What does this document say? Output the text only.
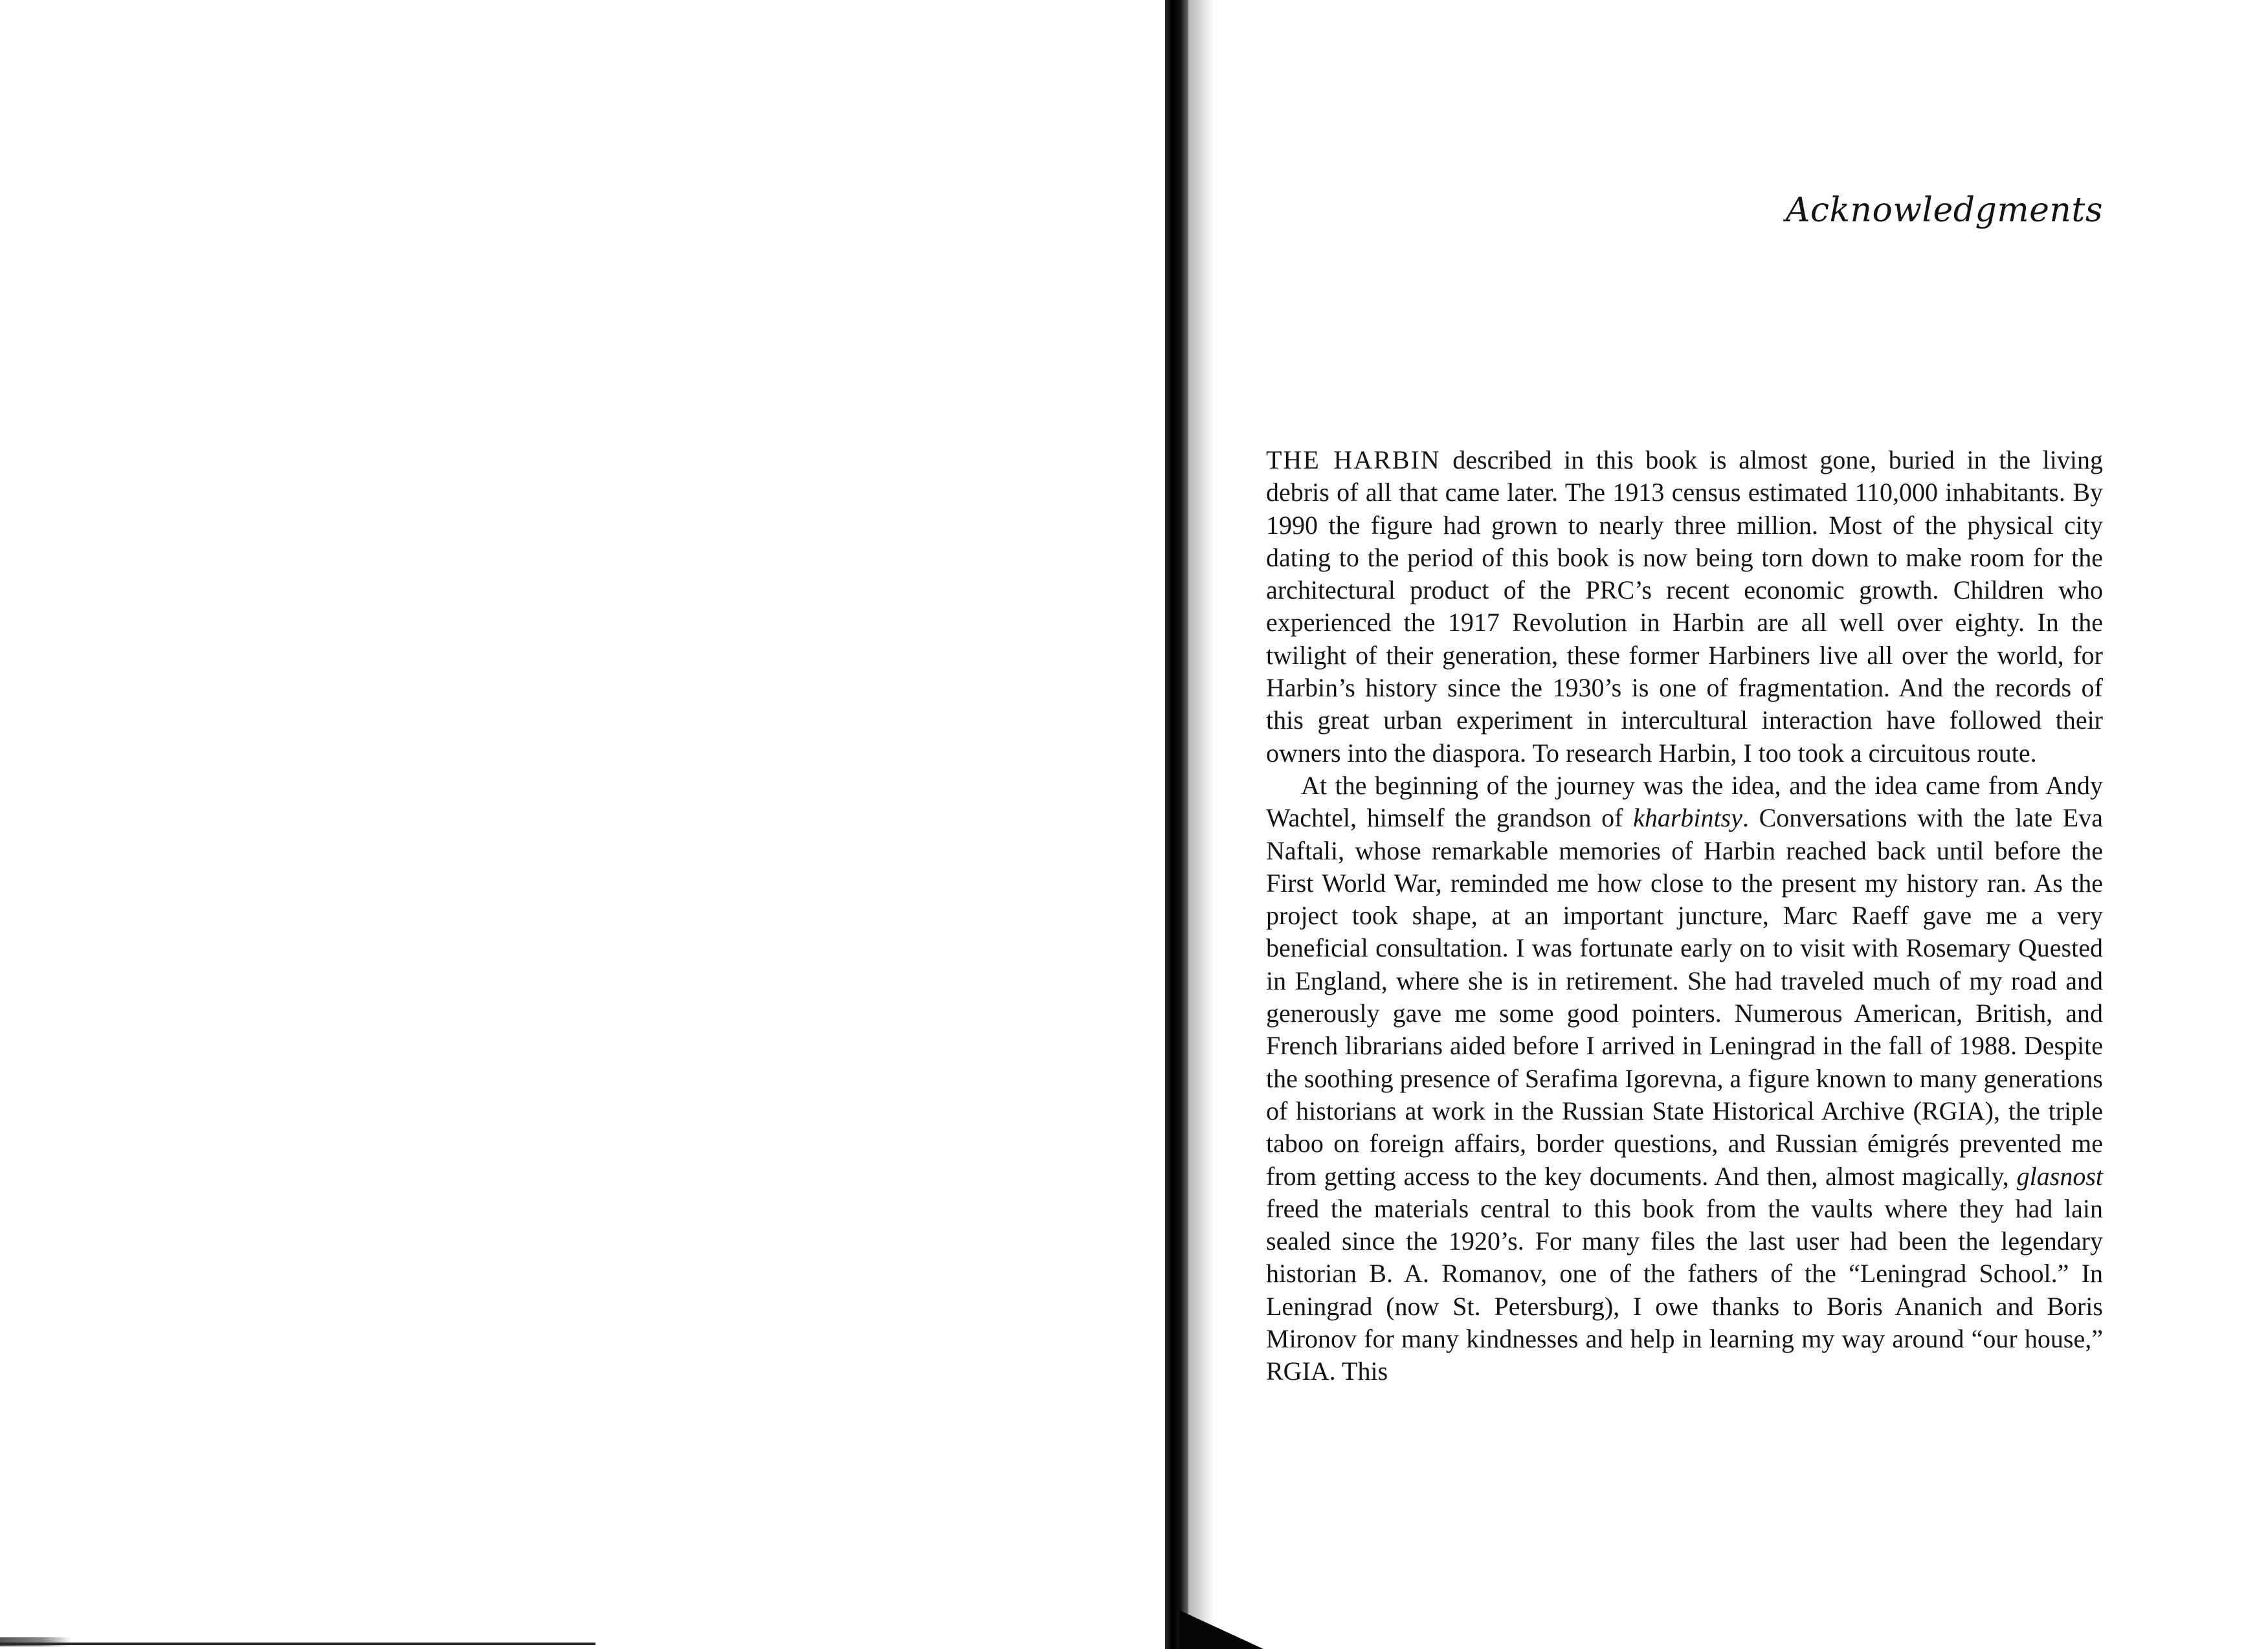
Acknowledgments

THE HARBIN described in this book is almost gone, buried in the living debris of all that came later. The 1913 census estimated 110,000 inhabitants. By 1990 the figure had grown to nearly three million. Most of the physical city dating to the period of this book is now being torn down to make room for the architectural product of the PRC’s recent economic growth. Children who experienced the 1917 Revolution in Harbin are all well over eighty. In the twilight of their generation, these former Harbiners live all over the world, for Harbin’s history since the 1930’s is one of fragmentation. And the records of this great urban experiment in intercultural interaction have followed their owners into the diaspora. To research Harbin, I too took a circuitous route.

At the beginning of the journey was the idea, and the idea came from Andy Wachtel, himself the grandson of kharbintsy. Conversations with the late Eva Naftali, whose remarkable memories of Harbin reached back until before the First World War, reminded me how close to the present my history ran. As the project took shape, at an important juncture, Marc Raeff gave me a very beneficial consultation. I was fortunate early on to visit with Rosemary Quested in England, where she is in retirement. She had traveled much of my road and generously gave me some good pointers. Numerous American, British, and French librarians aided before I arrived in Leningrad in the fall of 1988. Despite the soothing presence of Serafima Igorevna, a figure known to many generations of historians at work in the Russian State Historical Archive (RGIA), the triple taboo on foreign affairs, border questions, and Russian émigrés prevented me from getting access to the key documents. And then, almost magically, glasnost freed the materials central to this book from the vaults where they had lain sealed since the 1920’s. For many files the last user had been the legendary historian B. A. Romanov, one of the fathers of the “Leningrad School.” In Leningrad (now St. Petersburg), I owe thanks to Boris Ananich and Boris Mironov for many kindnesses and help in learning my way around “our house,” RGIA. This
